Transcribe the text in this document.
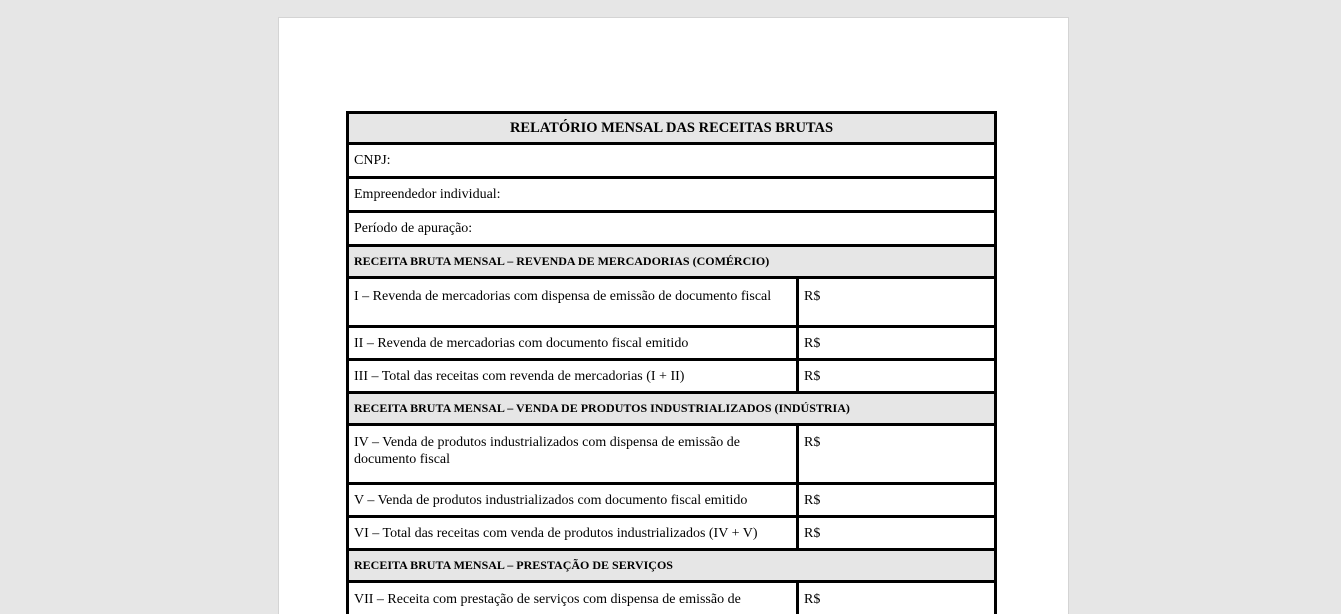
RELATÓRIO MENSAL DAS RECEITAS BRUTAS	
CNPJ:	
Empreendedor individual:	
Período de apuração:	
RECEITA BRUTA MENSAL – REVENDA DE MERCADORIAS (COMÉRCIO)	
I – Revenda de mercadorias com dispensa de emissão de documento fiscal	R$
II – Revenda de mercadorias com documento fiscal emitido	R$
III – Total das receitas com revenda de mercadorias (I + II)	R$
RECEITA BRUTA MENSAL – VENDA DE PRODUTOS INDUSTRIALIZADOS (INDÚSTRIA)	
IV – Venda de produtos industrializados com dispensa de emissão de documento fiscal	R$
V – Venda de produtos industrializados com documento fiscal emitido	R$
VI – Total das receitas com venda de produtos industrializados (IV + V)	R$
RECEITA BRUTA MENSAL – PRESTAÇÃO DE SERVIÇOS	
VII – Receita com prestação de serviços com dispensa de emissão de	R$
